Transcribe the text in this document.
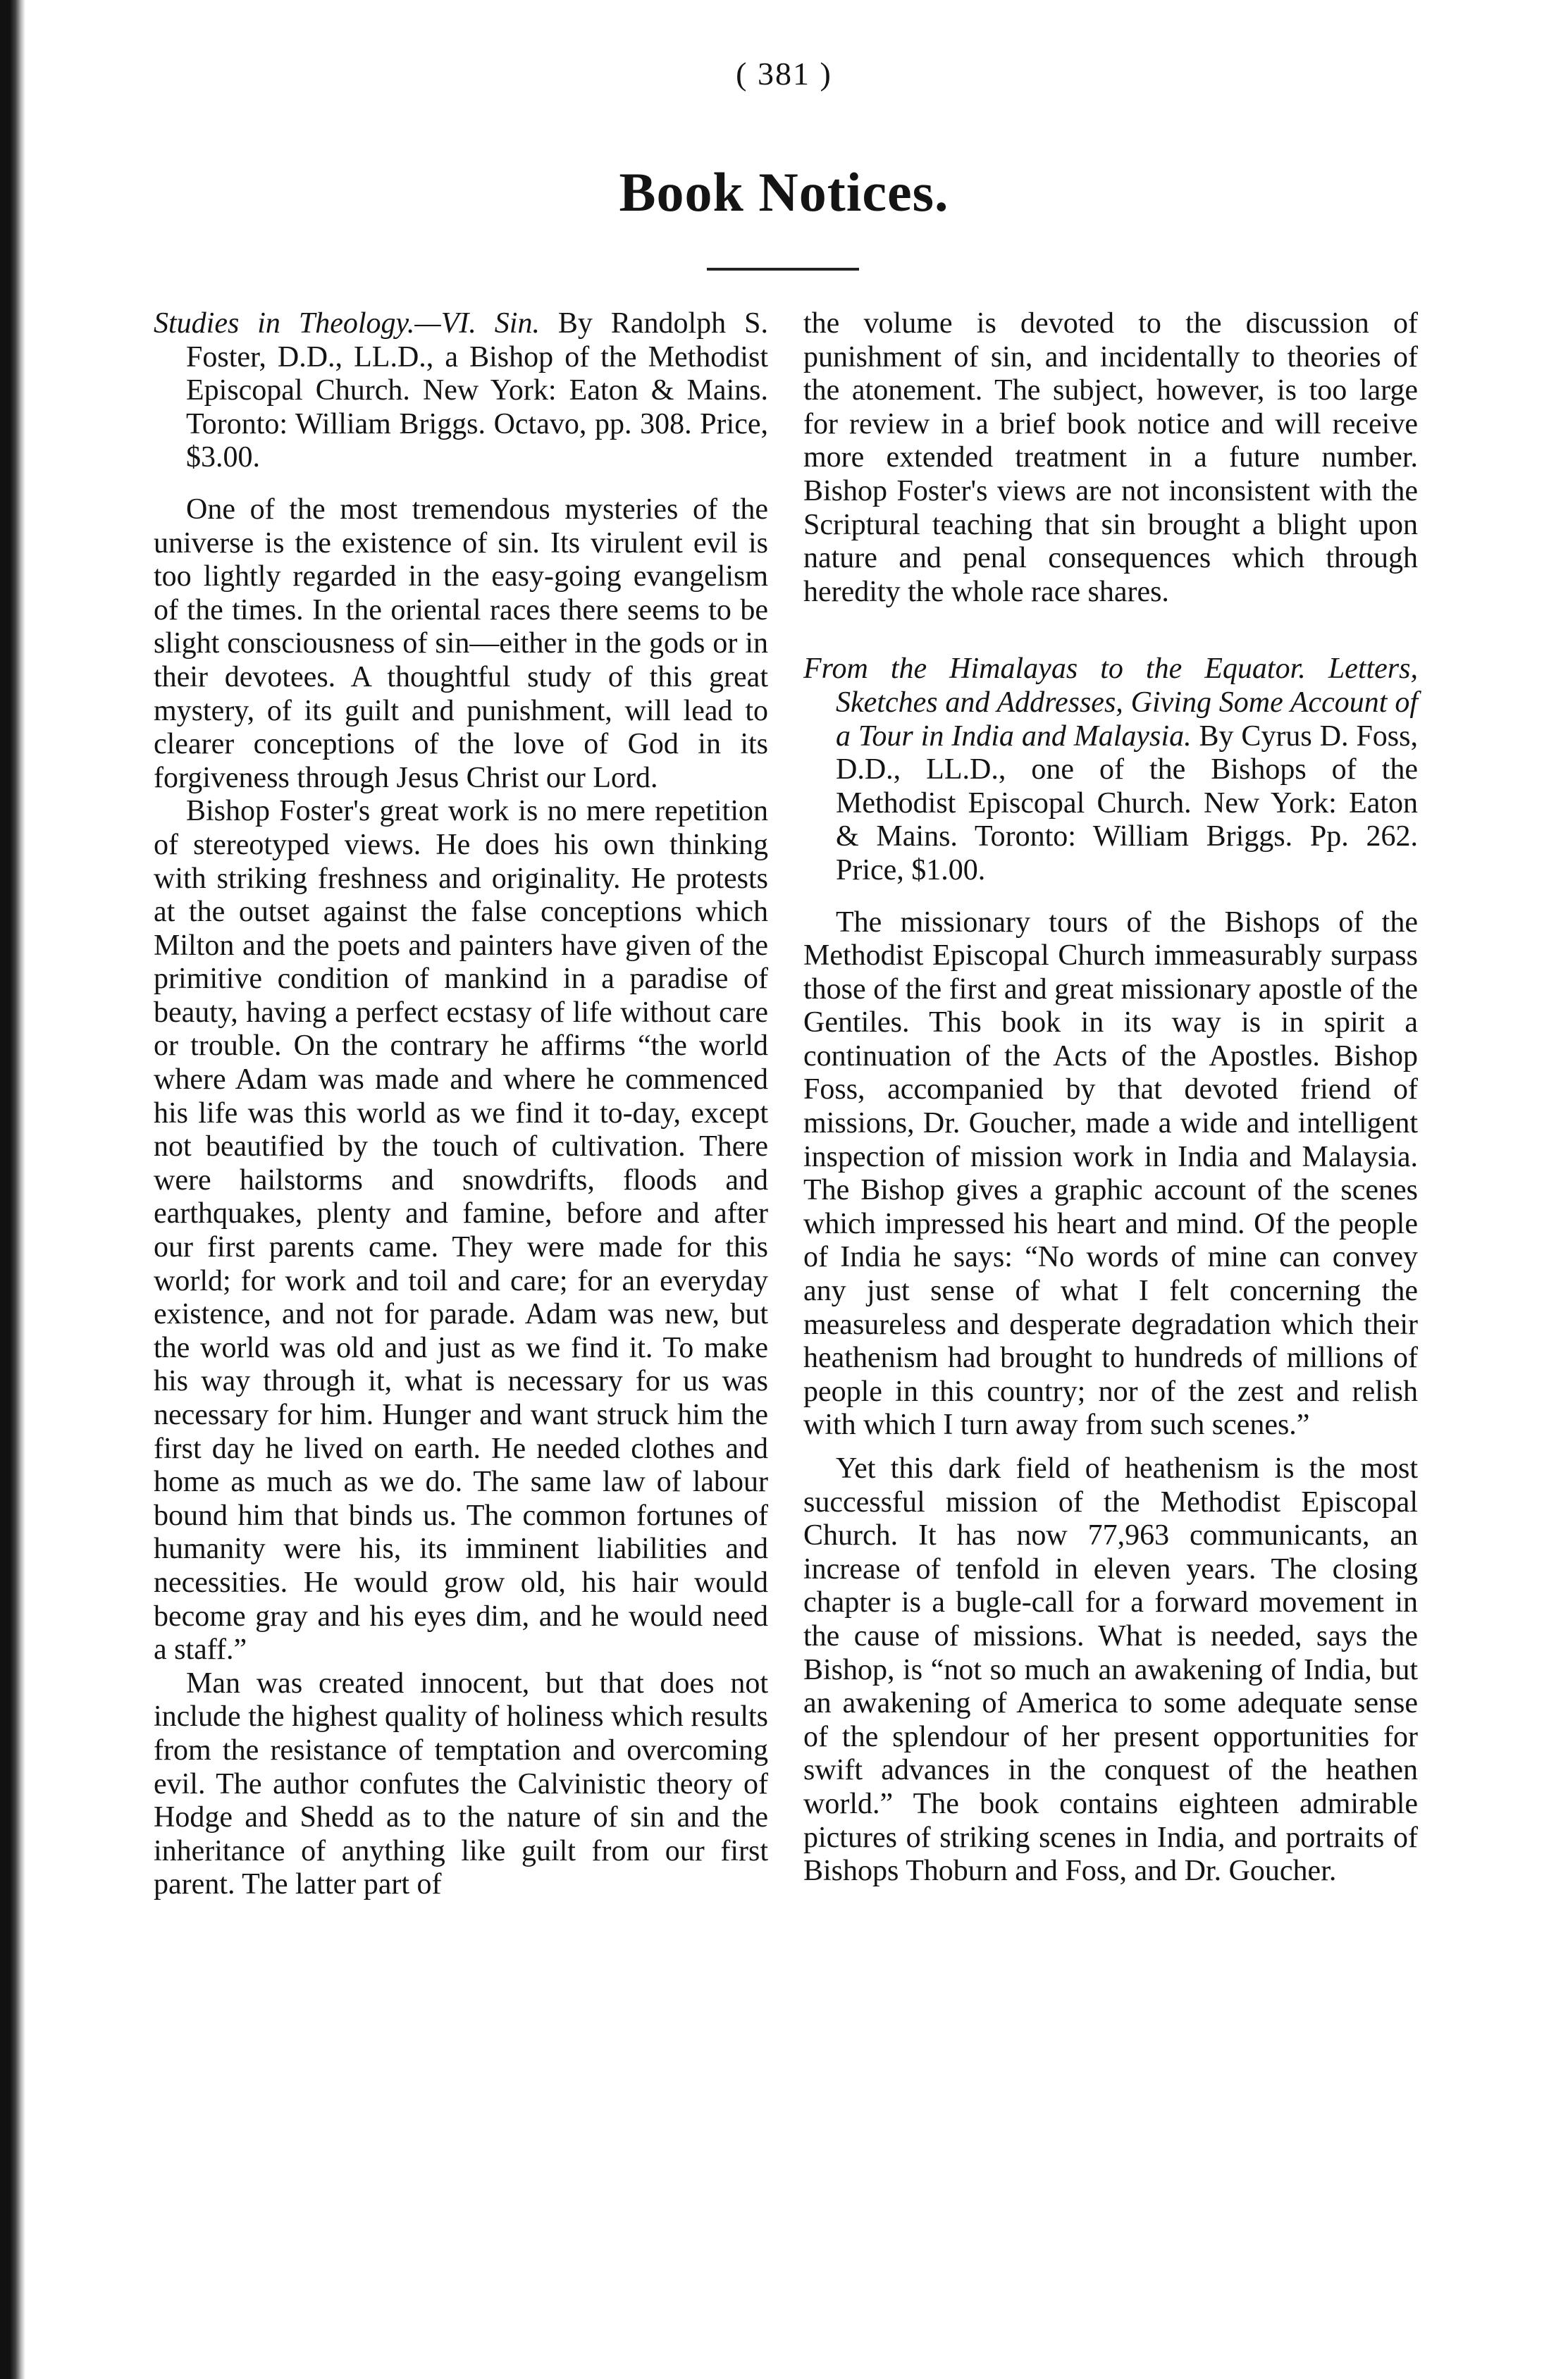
( 381 )
Book Notices.

Studies in Theology.—VI. Sin. By Randolph S. Foster, D.D., LL.D., a Bishop of the Methodist Episcopal Church. New York: Eaton & Mains. Toronto: William Briggs. Octavo, pp. 308. Price, $3.00.

One of the most tremendous mysteries of the universe is the existence of sin. Its virulent evil is too lightly regarded in the easy-going evangelism of the times. In the oriental races there seems to be slight consciousness of sin—either in the gods or in their devotees. A thoughtful study of this great mystery, of its guilt and punishment, will lead to clearer conceptions of the love of God in its forgiveness through Jesus Christ our Lord.

Bishop Foster's great work is no mere repetition of stereotyped views. He does his own thinking with striking freshness and originality. He protests at the outset against the false conceptions which Milton and the poets and painters have given of the primitive condition of mankind in a paradise of beauty, having a perfect ecstasy of life without care or trouble. On the contrary he affirms “the world where Adam was made and where he commenced his life was this world as we find it to-day, except not beautified by the touch of cultivation. There were hailstorms and snowdrifts, floods and earthquakes, plenty and famine, before and after our first parents came. They were made for this world; for work and toil and care; for an everyday existence, and not for parade. Adam was new, but the world was old and just as we find it. To make his way through it, what is necessary for us was necessary for him. Hunger and want struck him the first day he lived on earth. He needed clothes and home as much as we do. The same law of labour bound him that binds us. The common fortunes of humanity were his, its imminent liabilities and necessities. He would grow old, his hair would become gray and his eyes dim, and he would need a staff.”

Man was created innocent, but that does not include the highest quality of holiness which results from the resistance of temptation and overcoming evil. The author confutes the Calvinistic theory of Hodge and Shedd as to the nature of sin and the inheritance of anything like guilt from our first parent. The latter part of

the volume is devoted to the discussion of punishment of sin, and incidentally to theories of the atonement. The subject, however, is too large for review in a brief book notice and will receive more extended treatment in a future number. Bishop Foster's views are not inconsistent with the Scriptural teaching that sin brought a blight upon nature and penal consequences which through heredity the whole race shares.

From the Himalayas to the Equator. Letters, Sketches and Addresses, Giving Some Account of a Tour in India and Malaysia. By Cyrus D. Foss, D.D., LL.D., one of the Bishops of the Methodist Episcopal Church. New York: Eaton & Mains. Toronto: William Briggs. Pp. 262. Price, $1.00.

The missionary tours of the Bishops of the Methodist Episcopal Church immeasurably surpass those of the first and great missionary apostle of the Gentiles. This book in its way is in spirit a continuation of the Acts of the Apostles. Bishop Foss, accompanied by that devoted friend of missions, Dr. Goucher, made a wide and intelligent inspection of mission work in India and Malaysia. The Bishop gives a graphic account of the scenes which impressed his heart and mind. Of the people of India he says: “No words of mine can convey any just sense of what I felt concerning the measureless and desperate degradation which their heathenism had brought to hundreds of millions of people in this country; nor of the zest and relish with which I turn away from such scenes.”

Yet this dark field of heathenism is the most successful mission of the Methodist Episcopal Church. It has now 77,963 communicants, an increase of tenfold in eleven years. The closing chapter is a bugle-call for a forward movement in the cause of missions. What is needed, says the Bishop, is “not so much an awakening of India, but an awakening of America to some adequate sense of the splendour of her present opportunities for swift advances in the conquest of the heathen world.” The book contains eighteen admirable pictures of striking scenes in India, and portraits of Bishops Thoburn and Foss, and Dr. Goucher.
